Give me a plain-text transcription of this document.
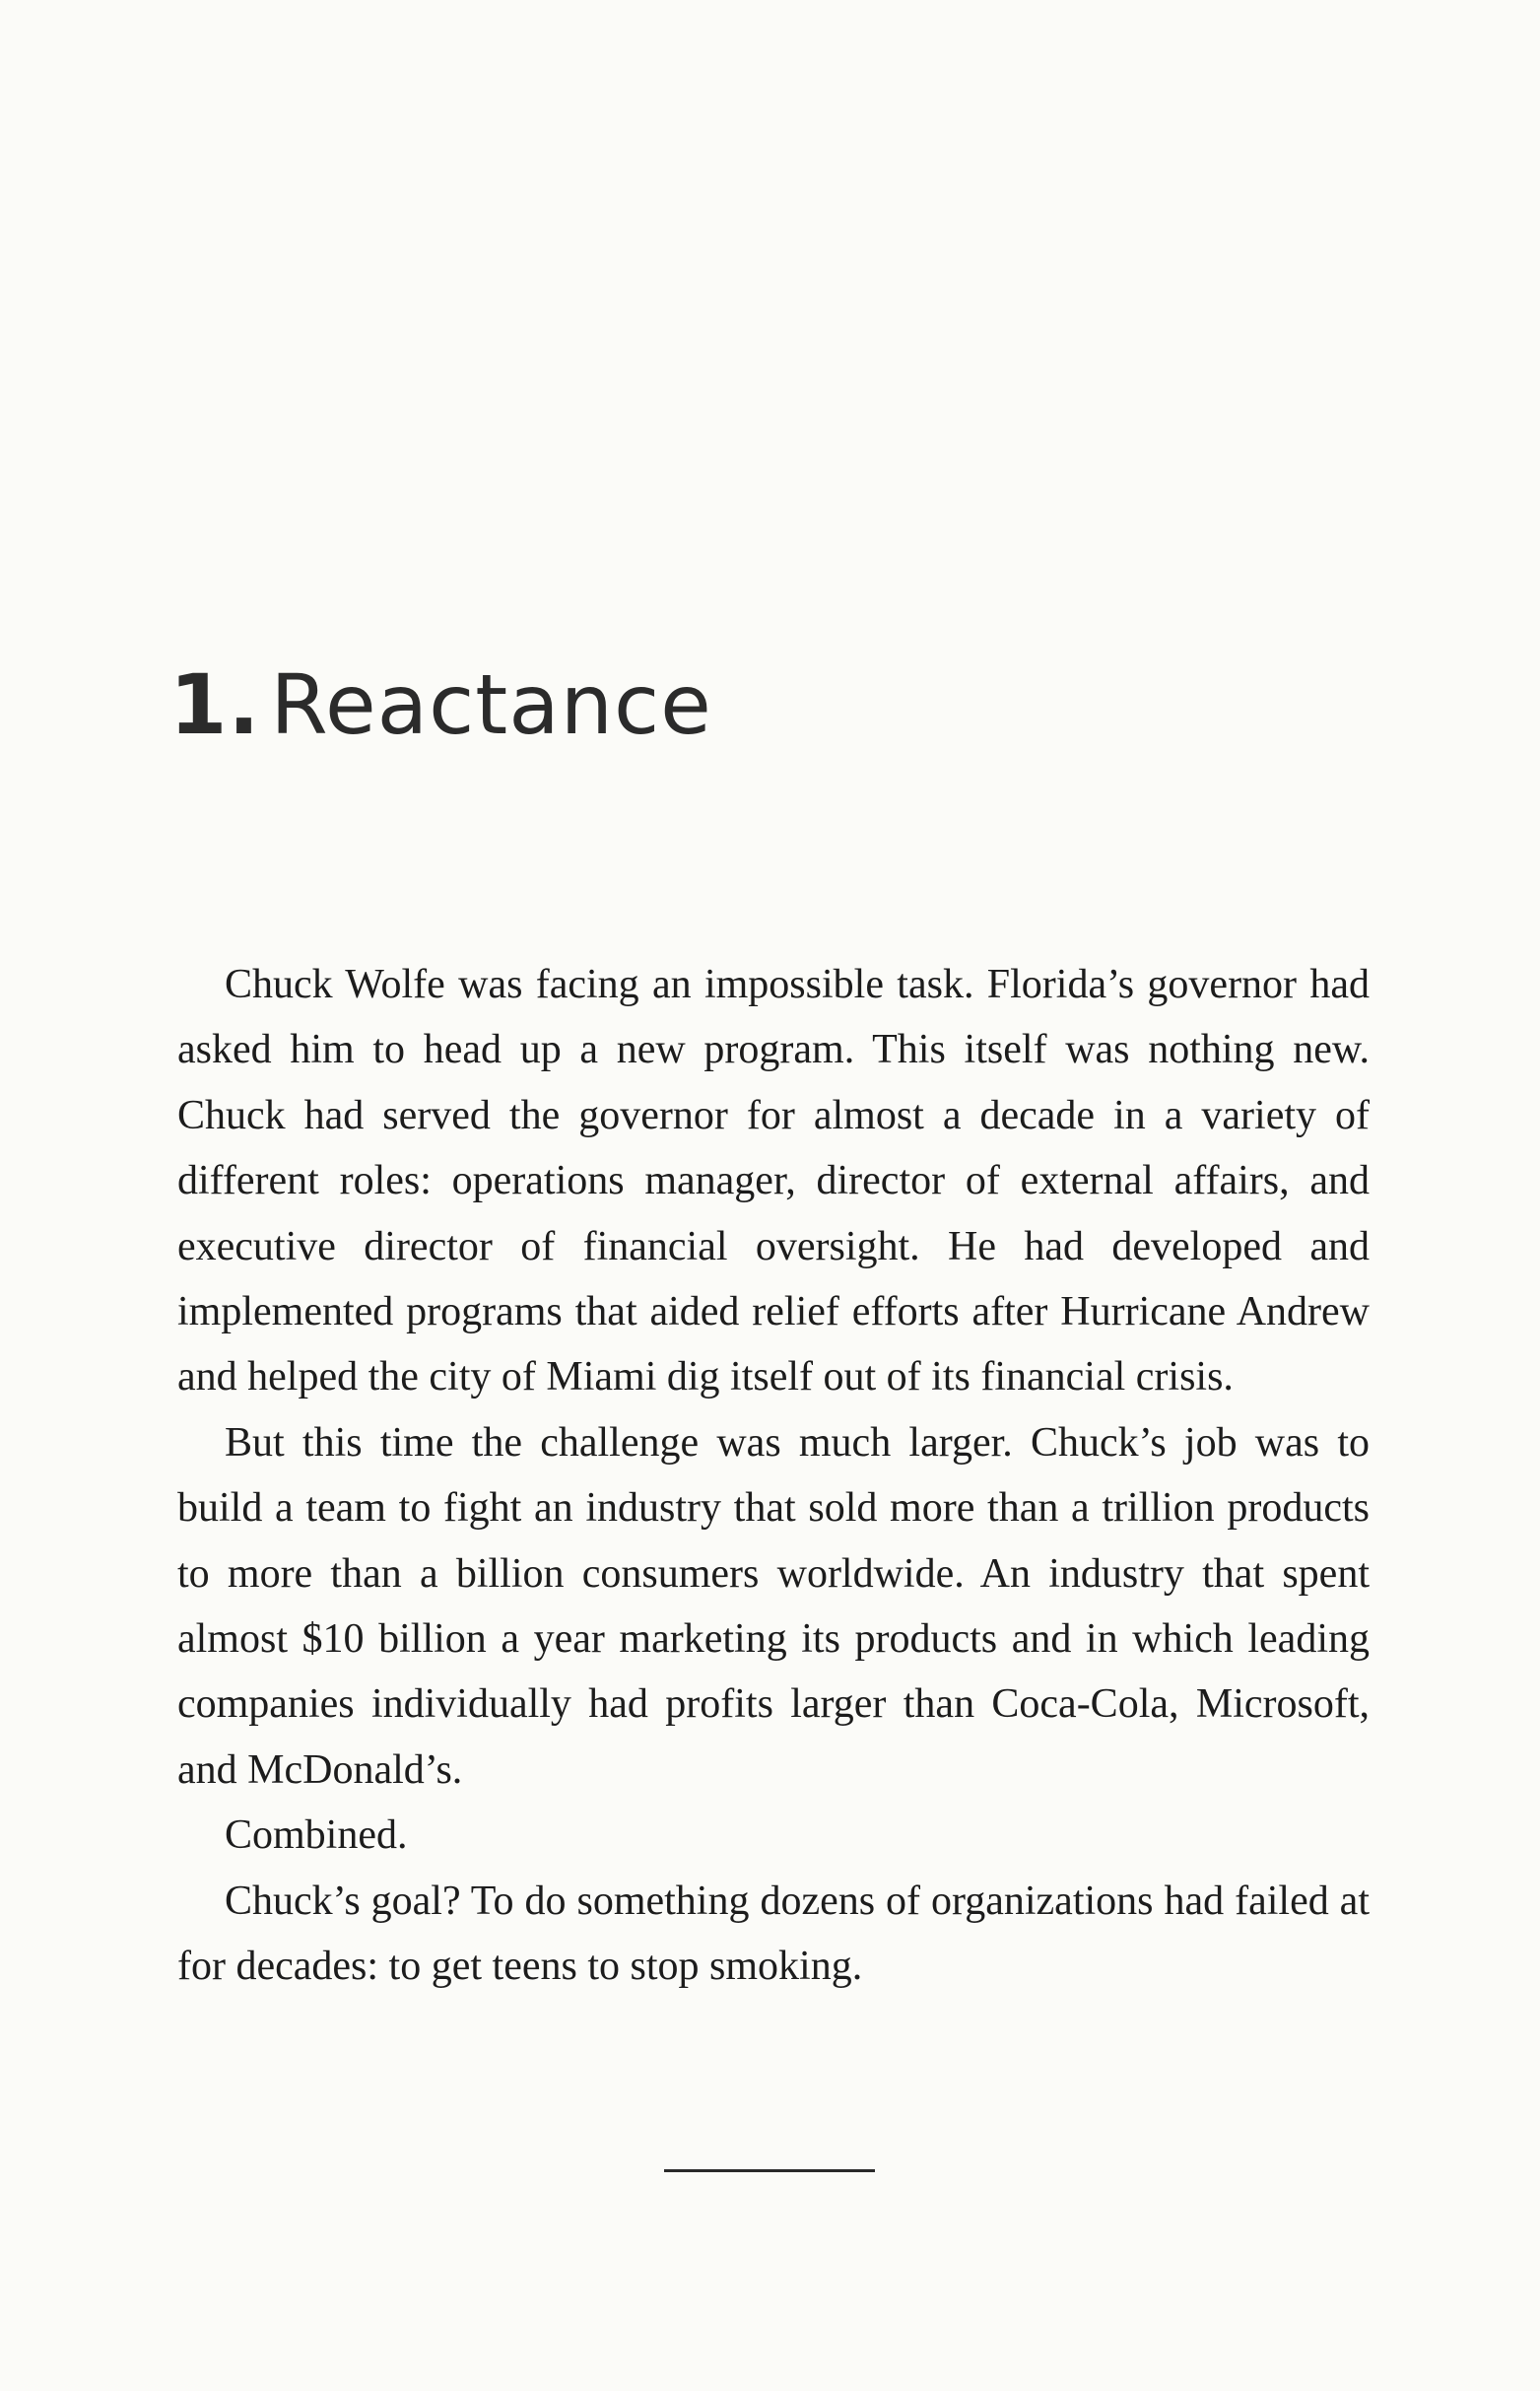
1. Reactance

Chuck Wolfe was facing an impossible task. Florida’s governor had asked him to head up a new program. This itself was nothing new. Chuck had served the governor for almost a decade in a variety of different roles: operations manager, director of external affairs, and executive director of financial oversight. He had developed and implemented programs that aided relief efforts after Hurricane Andrew and helped the city of Miami dig itself out of its financial crisis.

But this time the challenge was much larger. Chuck’s job was to build a team to fight an industry that sold more than a trillion products to more than a billion consumers worldwide. An industry that spent almost $10 billion a year marketing its products and in which leading companies individually had profits larger than Coca-Cola, Microsoft, and McDonald’s.

Combined.

Chuck’s goal? To do something dozens of organizations had failed at for decades: to get teens to stop smoking.
